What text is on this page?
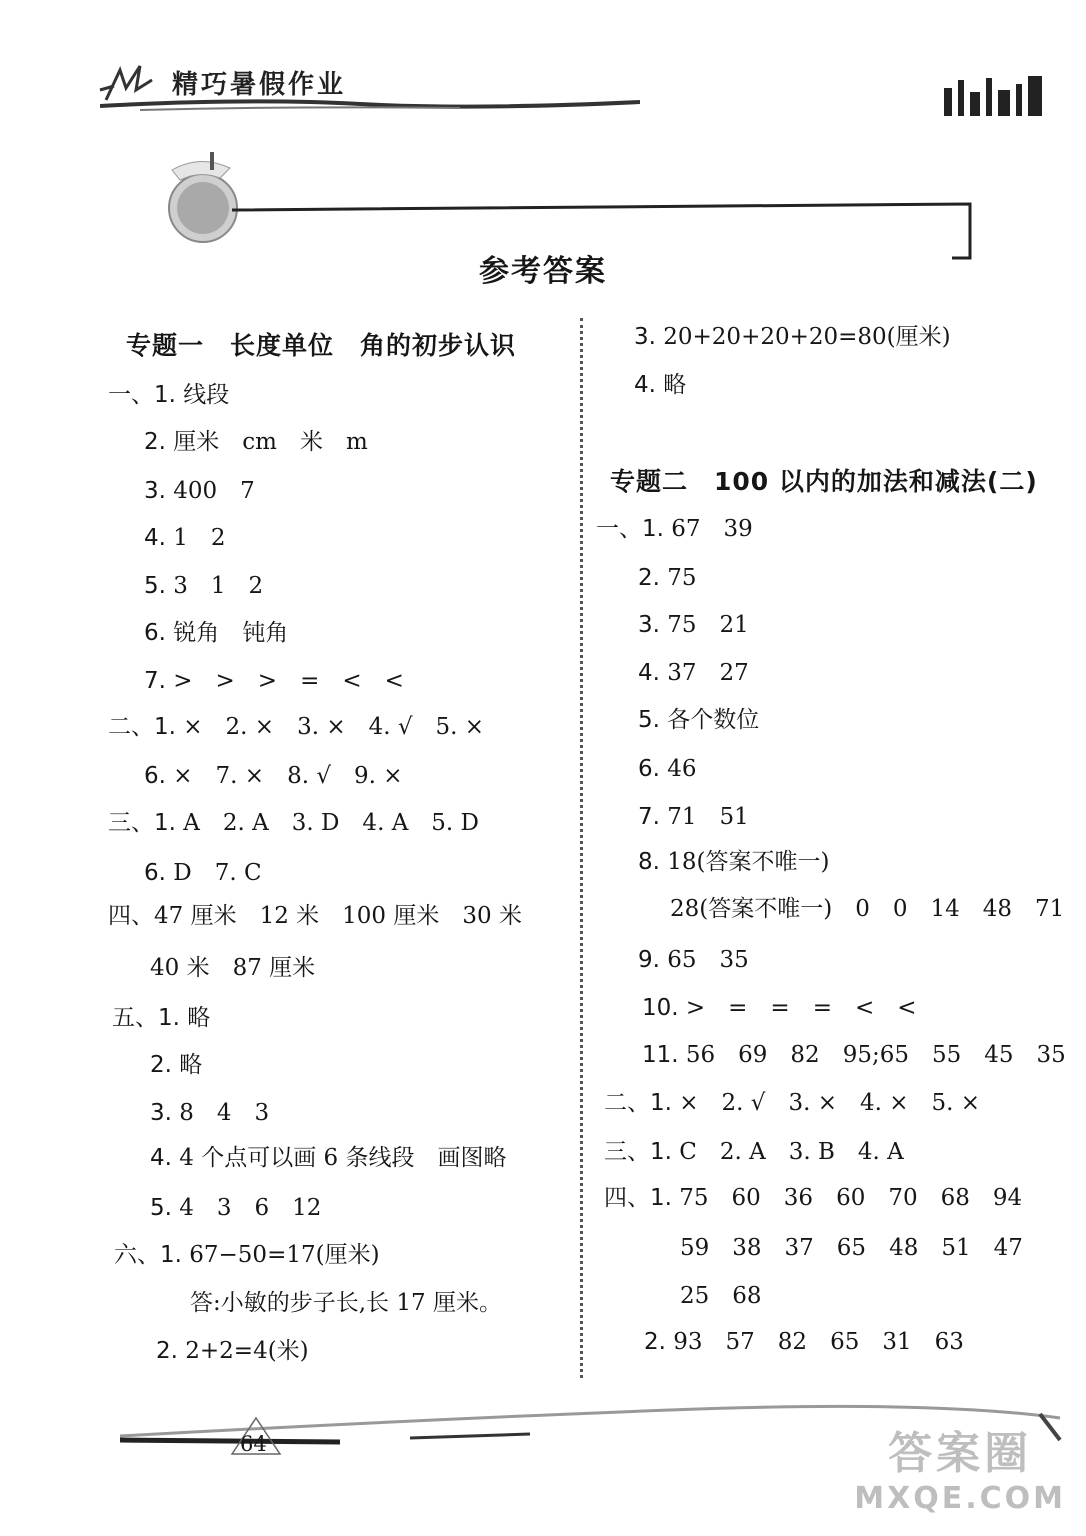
精巧暑假作业
参考答案
专题一　长度单位　角的初步认识
一、1. 线段
2. 厘米　cm　米　m
3. 400　7
4. 1　2
5. 3　1　2
6. 锐角　钝角
7. >　>　>　=　<　<
二、1. ×　2. ×　3. ×　4. √　5. ×
6. ×　7. ×　8. √　9. ×
三、1. A　2. A　3. D　4. A　5. D
6. D　7. C
四、47 厘米　12 米　100 厘米　30 米
40 米　87 厘米
五、1. 略
2. 略
3. 8　4　3
4. 4 个点可以画 6 条线段　画图略
5. 4　3　6　12
六、1. 67−50=17(厘米)
答:小敏的步子长,长 17 厘米。
2. 2+2=4(米)
3. 20+20+20+20=80(厘米)
4. 略
专题二　100 以内的加法和减法(二)
一、1. 67　39
2. 75
3. 75　21
4. 37　27
5. 各个数位
6. 46
7. 71　51
8. 18(答案不唯一)
28(答案不唯一)　0　0　14　48　71
9. 65　35
10. >　=　=　=　<　<
11. 56　69　82　95;65　55　45　35
二、1. ×　2. √　3. ×　4. ×　5. ×
三、1. C　2. A　3. B　4. A
四、1. 75　60　36　60　70　68　94
59　38　37　65　48　51　47
25　68
2. 93　57　82　65　31　63
64	答案圈
MXQE.COM
